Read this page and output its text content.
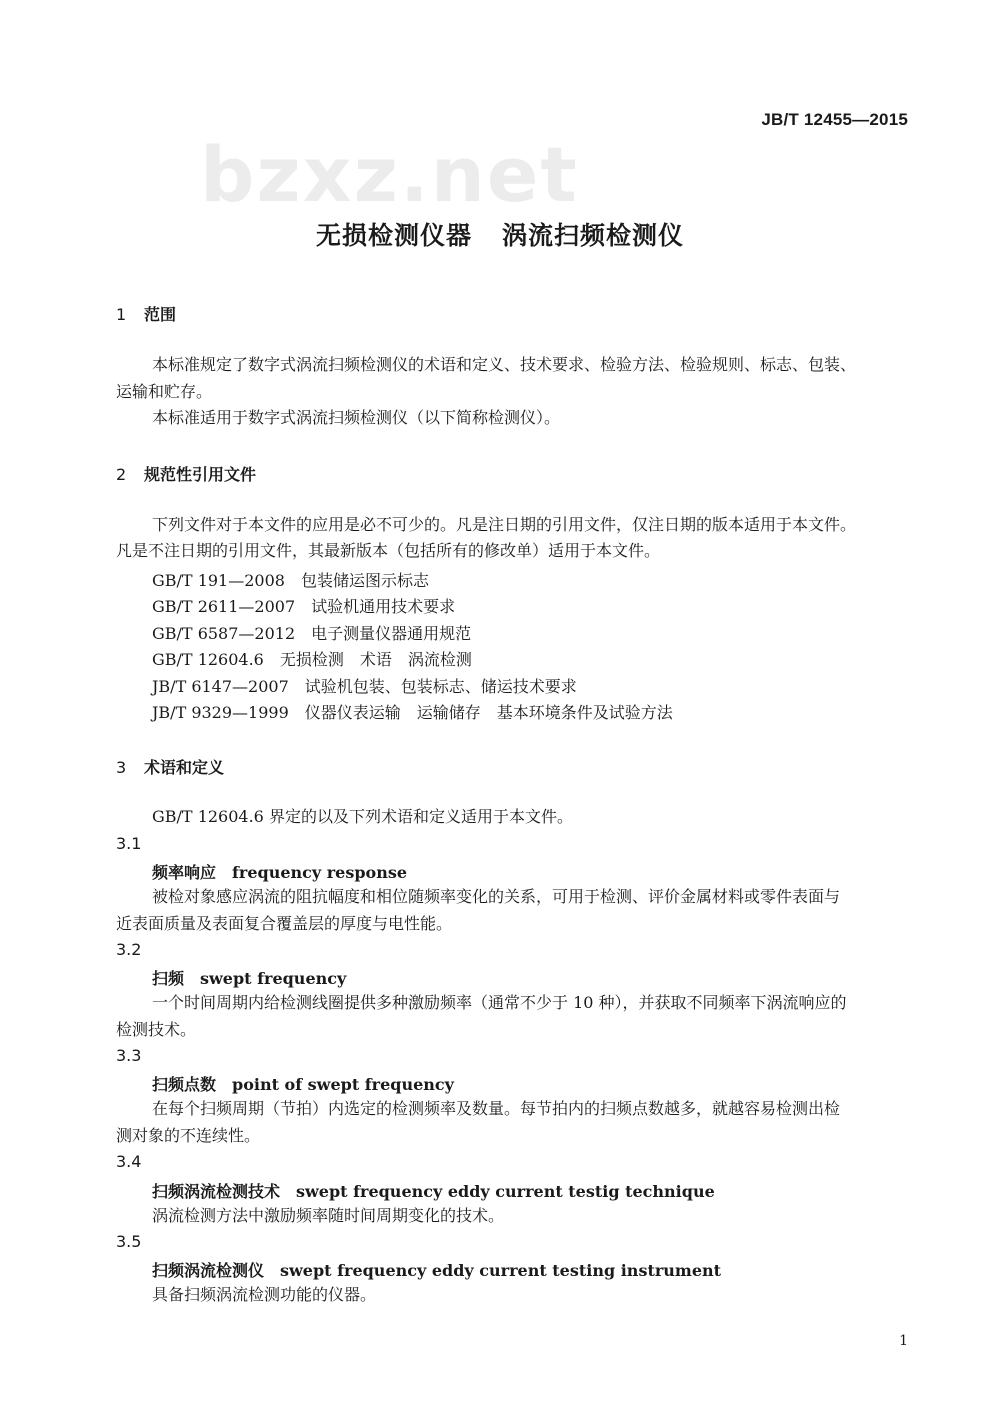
bzxz.net
JB/T 12455—2015
无损检测仪器 涡流扫频检测仪
1 范围
本标准规定了数字式涡流扫频检测仪的术语和定义、技术要求、检验方法、检验规则、标志、包装、
运输和贮存。
本标准适用于数字式涡流扫频检测仪（以下简称检测仪）。
2 规范性引用文件
下列文件对于本文件的应用是必不可少的。凡是注日期的引用文件，仅注日期的版本适用于本文件。
凡是不注日期的引用文件，其最新版本（包括所有的修改单）适用于本文件。
GB/T 191—2008 包装储运图示标志
GB/T 2611—2007 试验机通用技术要求
GB/T 6587—2012 电子测量仪器通用规范
GB/T 12604.6 无损检测　术语　涡流检测
JB/T 6147—2007 试验机包装、包装标志、储运技术要求
JB/T 9329—1999 仪器仪表运输　运输储存　基本环境条件及试验方法
3 术语和定义
GB/T 12604.6 界定的以及下列术语和定义适用于本文件。
3.1
频率响应 frequency response
被检对象感应涡流的阻抗幅度和相位随频率变化的关系，可用于检测、评价金属材料或零件表面与
近表面质量及表面复合覆盖层的厚度与电性能。
3.2
扫频 swept frequency
一个时间周期内给检测线圈提供多种激励频率（通常不少于 10 种），并获取不同频率下涡流响应的
检测技术。
3.3
扫频点数 point of swept frequency
在每个扫频周期（节拍）内选定的检测频率及数量。每节拍内的扫频点数越多，就越容易检测出检
测对象的不连续性。
3.4
扫频涡流检测技术 swept frequency eddy current testig technique
涡流检测方法中激励频率随时间周期变化的技术。
3.5
扫频涡流检测仪 swept frequency eddy current testing instrument
具备扫频涡流检测功能的仪器。
1
